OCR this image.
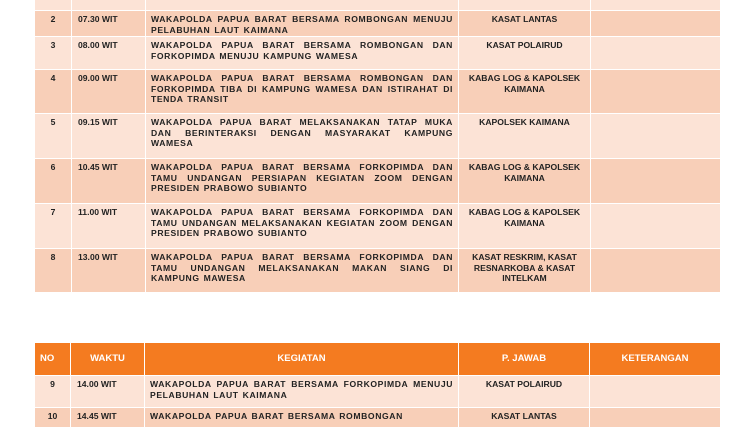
2	07.30 WIT	WAKAPOLDA PAPUA BARAT BERSAMA ROMBONGAN MENUJU PELABUHAN LAUT KAIMANA	KASAT LANTAS	
3	08.00 WIT	WAKAPOLDA PAPUA BARAT BERSAMA ROMBONGAN DAN FORKOPIMDA MENUJU KAMPUNG WAMESA	KASAT POLAIRUD	
4	09.00 WIT	WAKAPOLDA PAPUA BARAT BERSAMA ROMBONGAN DAN FORKOPIMDA TIBA DI KAMPUNG WAMESA DAN ISTIRAHAT DI TENDA TRANSIT	KABAG LOG & KAPOLSEK KAIMANA	
5	09.15 WIT	WAKAPOLDA PAPUA BARAT MELAKSANAKAN TATAP MUKA DAN BERINTERAKSI DENGAN MASYARAKAT KAMPUNG WAMESA	KAPOLSEK KAIMANA	
6	10.45 WIT	WAKAPOLDA PAPUA BARAT BERSAMA FORKOPIMDA DAN TAMU UNDANGAN PERSIAPAN KEGIATAN ZOOM DENGAN PRESIDEN PRABOWO SUBIANTO	KABAG LOG & KAPOLSEK KAIMANA	
7	11.00 WIT	WAKAPOLDA PAPUA BARAT BERSAMA FORKOPIMDA DAN TAMU UNDANGAN MELAKSANAKAN KEGIATAN ZOOM DENGAN PRESIDEN PRABOWO SUBIANTO	KABAG LOG & KAPOLSEK KAIMANA	
8	13.00 WIT	WAKAPOLDA PAPUA BARAT BERSAMA FORKOPIMDA DAN TAMU UNDANGAN MELAKSANAKAN MAKAN SIANG DI KAMPUNG MAWESA	KASAT RESKRIM, KASAT RESNARKOBA & KASAT INTELKAM	
NO	WAKTU	KEGIATAN	P. JAWAB	KETERANGAN
9	14.00 WIT	WAKAPOLDA PAPUA BARAT BERSAMA FORKOPIMDA MENUJU PELABUHAN LAUT KAIMANA	KASAT POLAIRUD	
10	14.45 WIT	WAKAPOLDA PAPUA BARAT BERSAMA ROMBONGAN	KASAT LANTAS	
